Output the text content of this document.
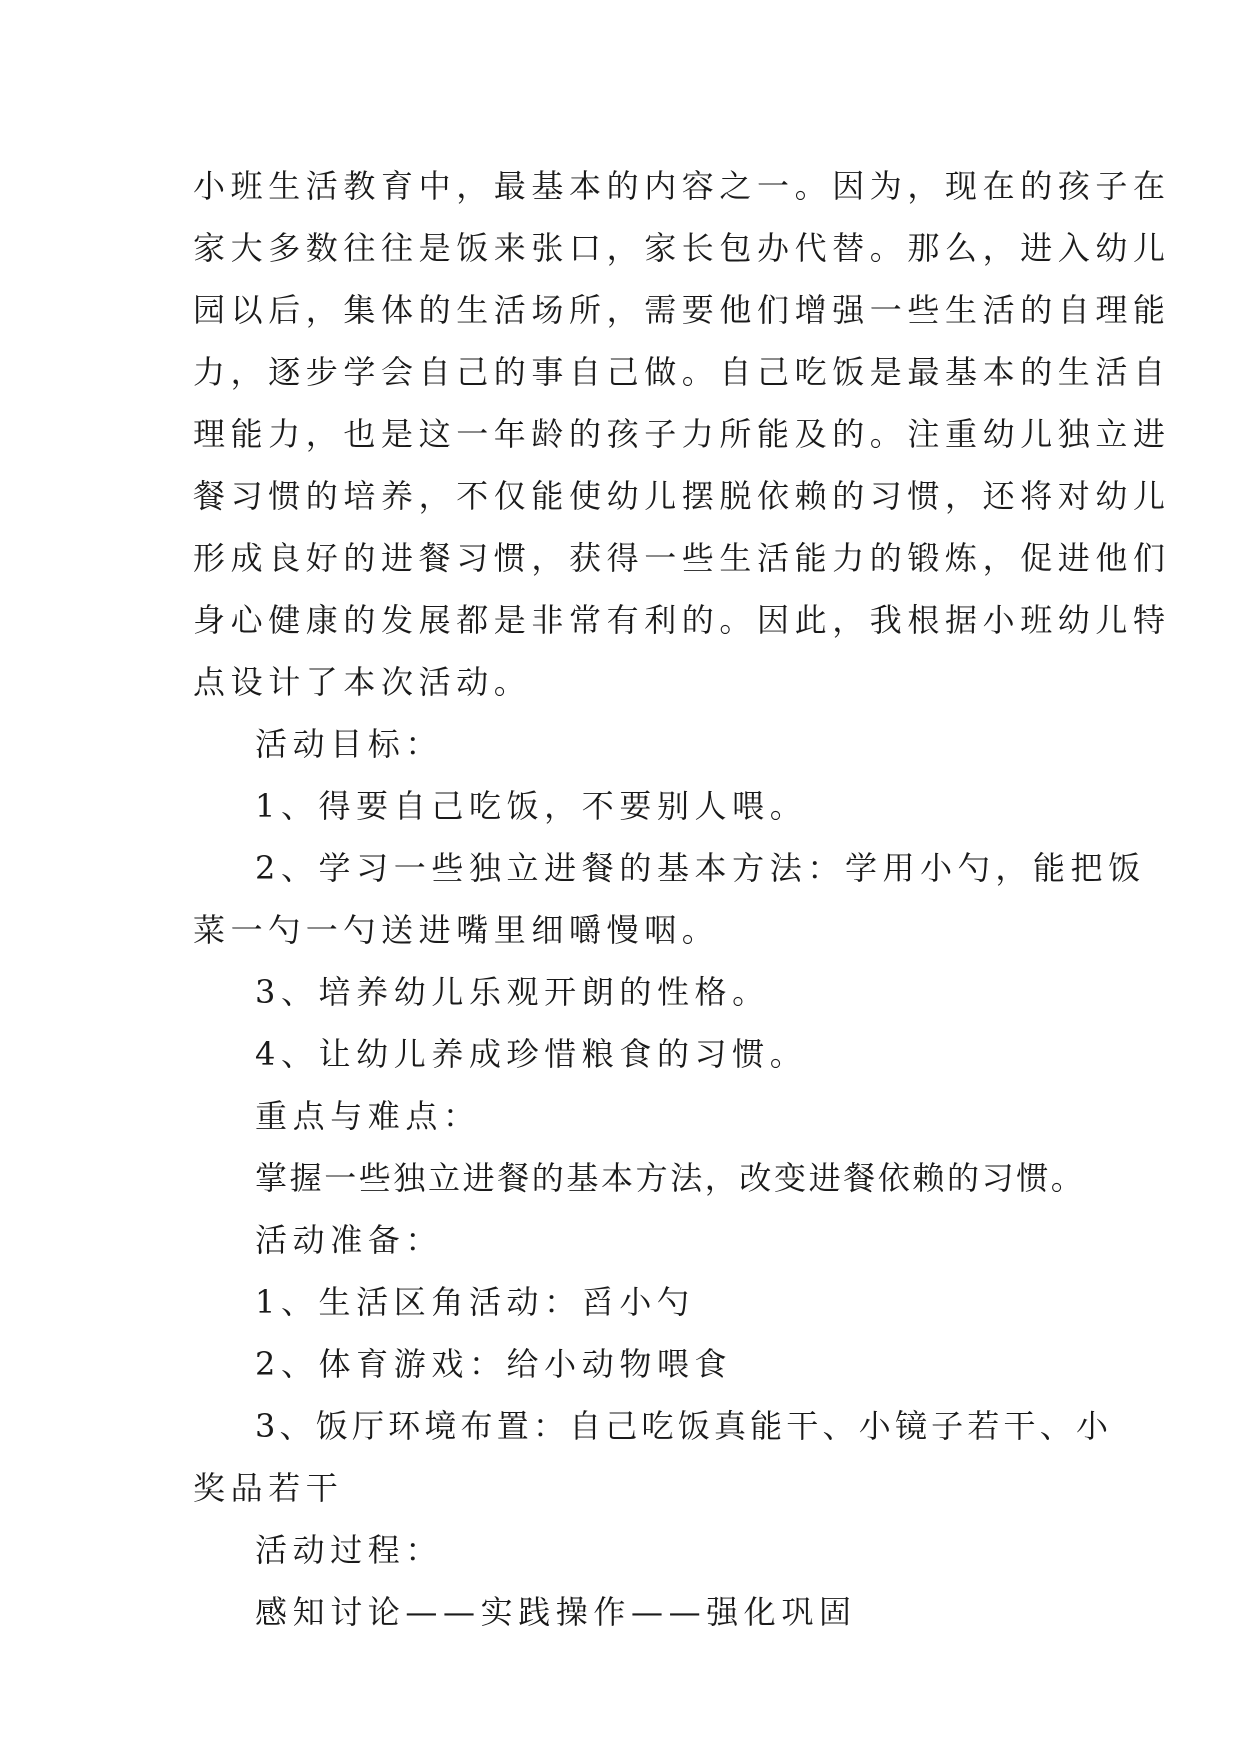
小班生活教育中，最基本的内容之一。因为，现在的孩子在

家大多数往往是饭来张口，家长包办代替。那么，进入幼儿

园以后，集体的生活场所，需要他们增强一些生活的自理能

力，逐步学会自己的事自己做。自己吃饭是最基本的生活自

理能力，也是这一年龄的孩子力所能及的。注重幼儿独立进

餐习惯的培养，不仅能使幼儿摆脱依赖的习惯，还将对幼儿

形成良好的进餐习惯，获得一些生活能力的锻炼，促进他们

身心健康的发展都是非常有利的。因此，我根据小班幼儿特

点设计了本次活动。

活动目标：

1、得要自己吃饭，不要别人喂。

2、学习一些独立进餐的基本方法：学用小勺，能把饭

菜一勺一勺送进嘴里细嚼慢咽。

3、培养幼儿乐观开朗的性格。

4、让幼儿养成珍惜粮食的习惯。

重点与难点：

掌握一些独立进餐的基本方法，改变进餐依赖的习惯。

活动准备：

1、生活区角活动：舀小勺

2、体育游戏：给小动物喂食

3、饭厅环境布置：自己吃饭真能干、小镜子若干、小

奖品若干

活动过程：

感知讨论——实践操作——强化巩固
